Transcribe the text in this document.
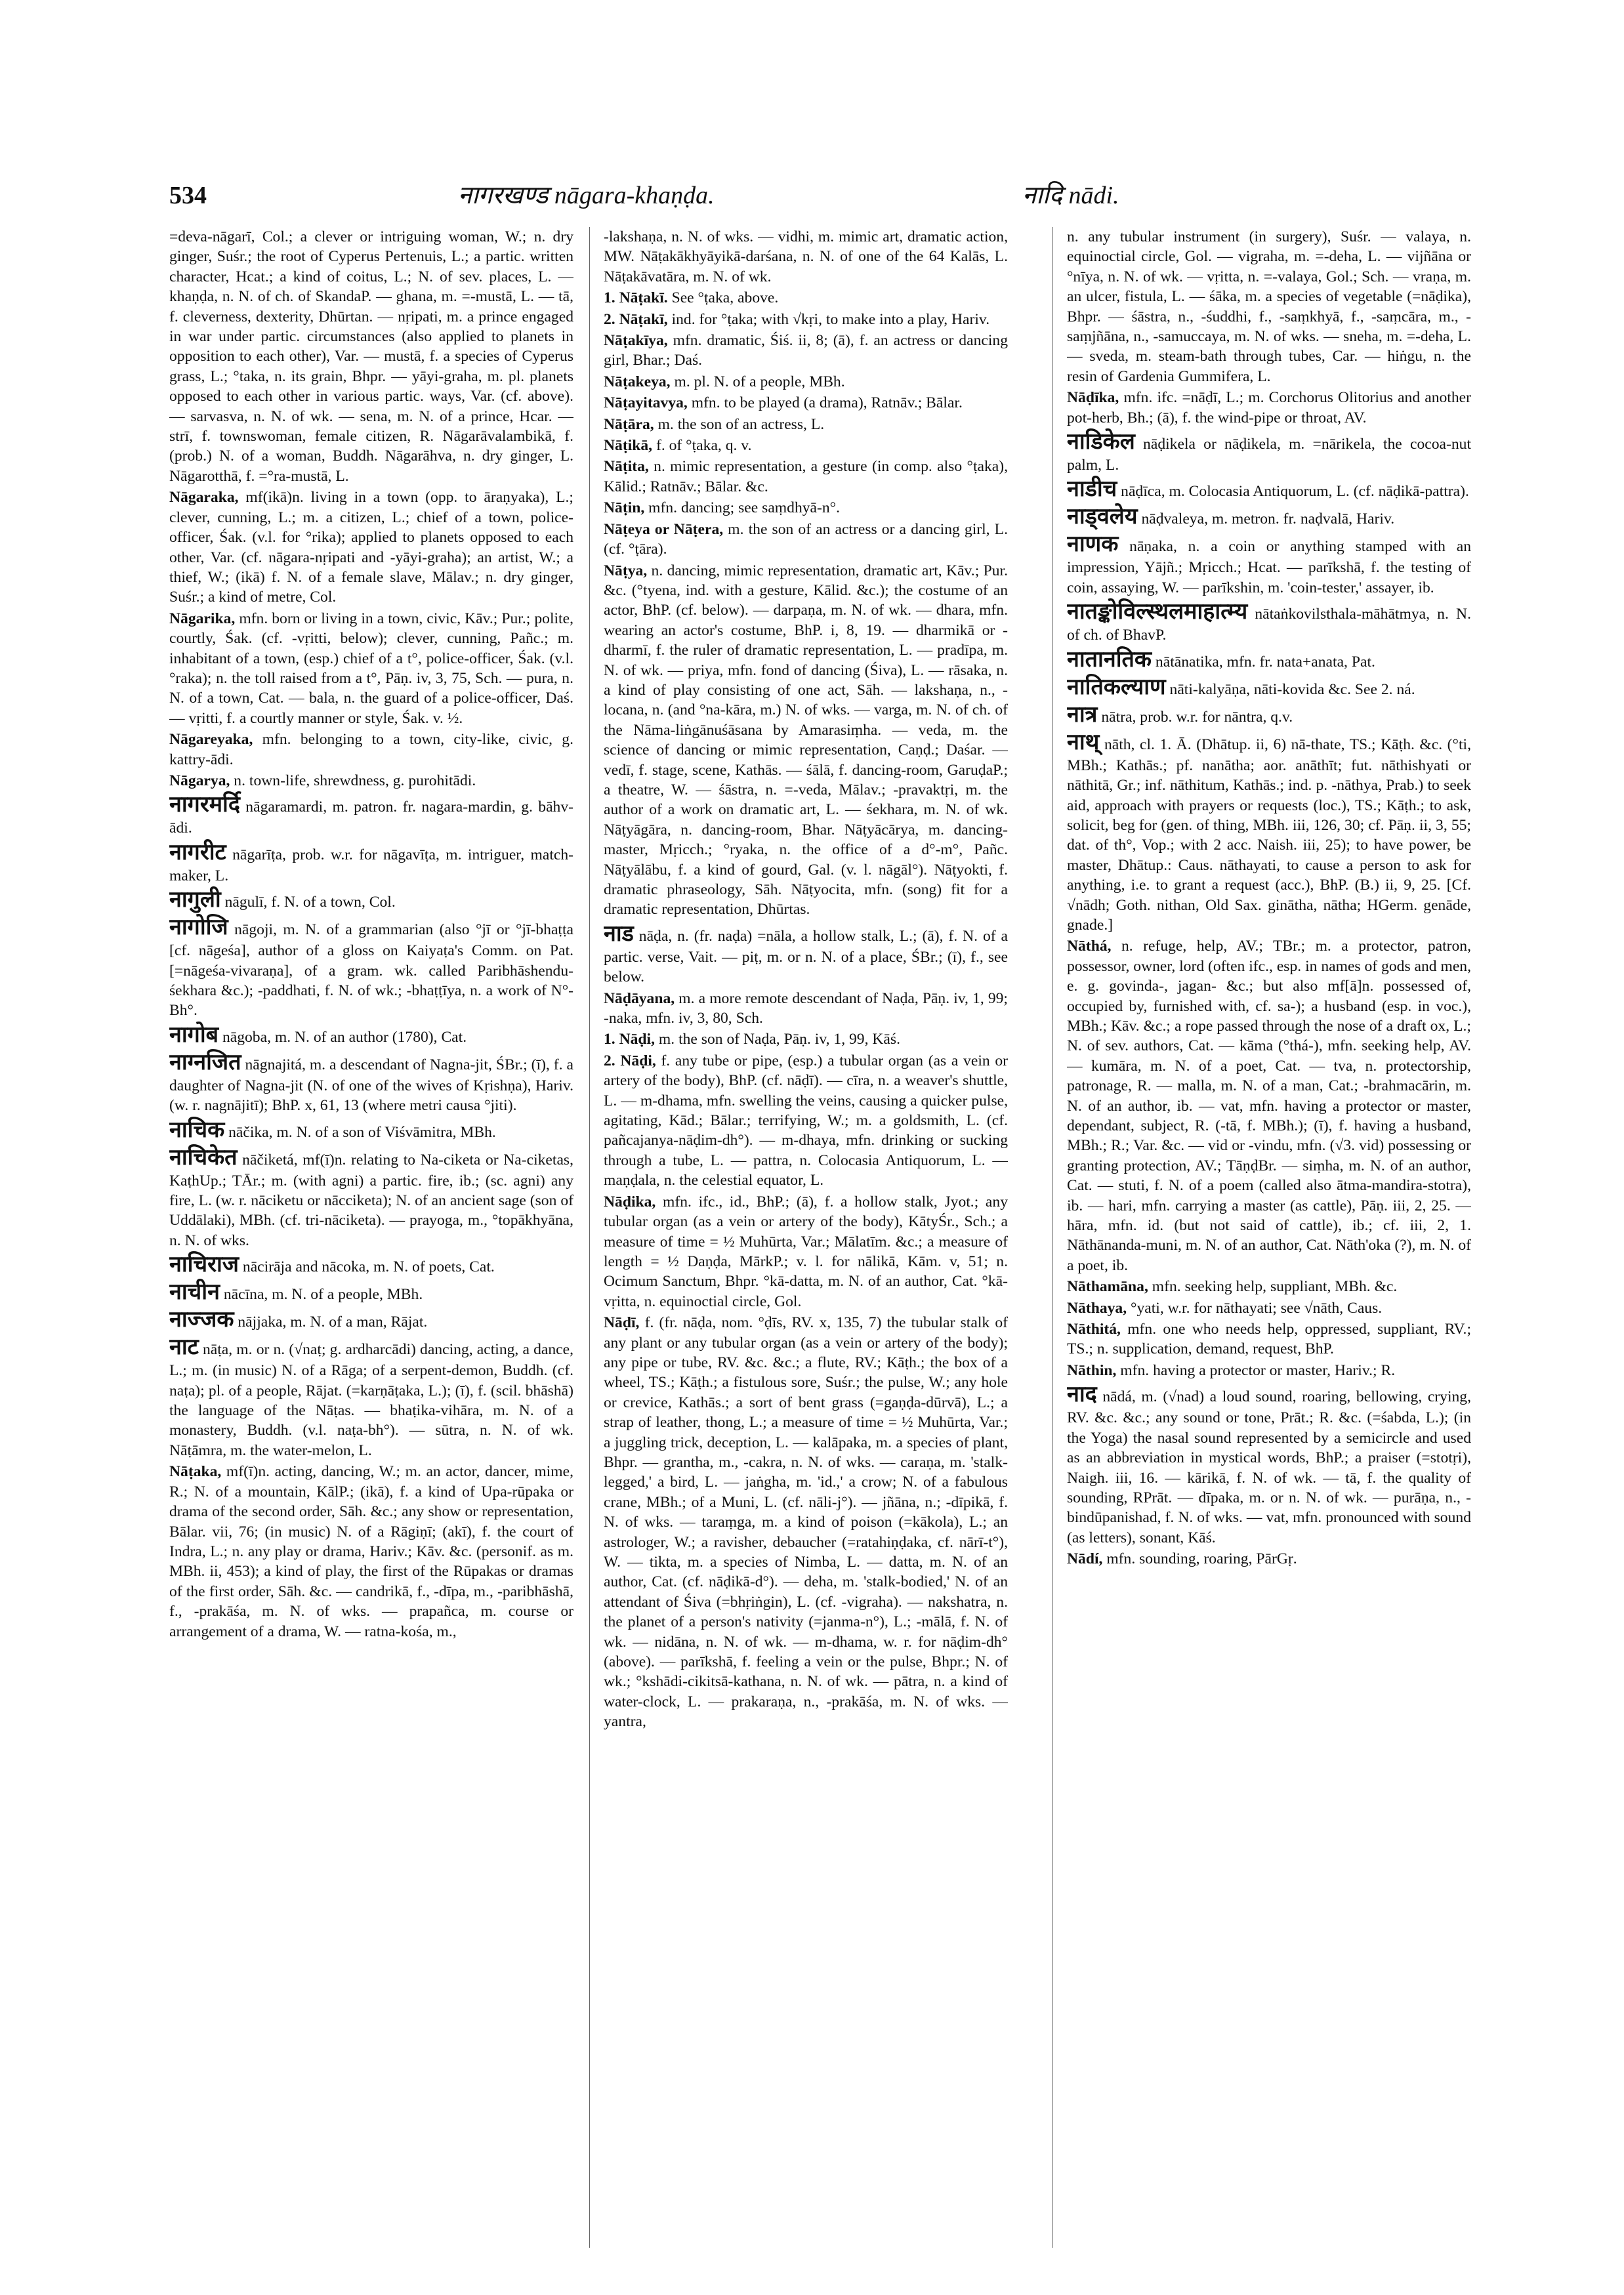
534	नागरखण्ड nāgara-khaṇḍa.	नादि nādi.

=deva-nāgarī, Col.; a clever or intriguing woman, W.; n. dry ginger, Suśr.; the root of Cyperus Pertenuis, L.; a partic. written character, Hcat.; a kind of coitus, L.; N. of sev. places, L. — khaṇḍa, n. N. of ch. of SkandaP. — ghana, m. =-mustā, L. — tā, f. cleverness, dexterity, Dhūrtan. — nṛipati, m. a prince engaged in war under partic. circumstances (also applied to planets in opposition to each other), Var. — mustā, f. a species of Cyperus grass, L.; °taka, n. its grain, Bhpr. — yāyi-graha, m. pl. planets opposed to each other in various partic. ways, Var. (cf. above). — sarvasva, n. N. of wk. — sena, m. N. of a prince, Hcar. — strī, f. townswoman, female citizen, R. Nāgarāvalambikā, f. (prob.) N. of a woman, Buddh. Nāgarāhva, n. dry ginger, L. Nāgarotthā, f. =°ra-mustā, L.

Nāgaraka, mf(ikā)n. living in a town (opp. to āraṇyaka), L.; clever, cunning, L.; m. a citizen, L.; chief of a town, police-officer, Śak. (v.l. for °rika); applied to planets opposed to each other, Var. (cf. nāgara-nṛipati and -yāyi-graha); an artist, W.; a thief, W.; (ikā) f. N. of a female slave, Mālav.; n. dry ginger, Suśr.; a kind of metre, Col.

Nāgarika, mfn. born or living in a town, civic, Kāv.; Pur.; polite, courtly, Śak. (cf. -vṛitti, below); clever, cunning, Pañc.; m. inhabitant of a town, (esp.) chief of a t°, police-officer, Śak. (v.l. °raka); n. the toll raised from a t°, Pāṇ. iv, 3, 75, Sch. — pura, n. N. of a town, Cat. — bala, n. the guard of a police-officer, Daś. — vṛitti, f. a courtly manner or style, Śak. v. ½.

Nāgareyaka, mfn. belonging to a town, city-like, civic, g. kattry-ādi.

Nāgarya, n. town-life, shrewdness, g. purohitādi.

नागरमर्दि nāgaramardi, m. patron. fr. nagara-mardin, g. bāhv-ādi.

नागरीट nāgarīṭa, prob. w.r. for nāgavīṭa, m. intriguer, match-maker, L.

नागुली nāgulī, f. N. of a town, Col.

नागोजि nāgoji, m. N. of a grammarian (also °jī or °jī-bhaṭṭa [cf. nāgeśa], author of a gloss on Kaiyaṭa's Comm. on Pat. [=nāgeśa-vivaraṇa], of a gram. wk. called Paribhāshendu-śekhara &c.); -paddhati, f. N. of wk.; -bhaṭṭīya, n. a work of N°-Bh°.

नागोब nāgoba, m. N. of an author (1780), Cat.

नाग्नजित nāgnajitá, m. a descendant of Nagna-jit, ŚBr.; (ī), f. a daughter of Nagna-jit (N. of one of the wives of Kṛishṇa), Hariv. (w. r. nagnājitī); BhP. x, 61, 13 (where metri causa °jiti).

नाचिक nāčika, m. N. of a son of Viśvāmitra, MBh.

नाचिकेत nāčiketá, mf(ī)n. relating to Na-ciketa or Na-ciketas, KaṭhUp.; TĀr.; m. (with agni) a partic. fire, ib.; (sc. agni) any fire, L. (w. r. nāciketu or nācciketa); N. of an ancient sage (son of Uddālaki), MBh. (cf. tri-nāciketa). — prayoga, m., °topākhyāna, n. N. of wks.

नाचिराज nācirāja and nācoka, m. N. of poets, Cat.

नाचीन nācīna, m. N. of a people, MBh.

नाज्जक nājjaka, m. N. of a man, Rājat.

नाट nāṭa, m. or n. (√naṭ; g. ardharcādi) dancing, acting, a dance, L.; m. (in music) N. of a Rāga; of a serpent-demon, Buddh. (cf. naṭa); pl. of a people, Rājat. (=karṇāṭaka, L.); (ī), f. (scil. bhāshā) the language of the Nāṭas. — bhaṭika-vihāra, m. N. of a monastery, Buddh. (v.l. naṭa-bh°). — sūtra, n. N. of wk. Nāṭāmra, m. the water-melon, L.

Nāṭaka, mf(ī)n. acting, dancing, W.; m. an actor, dancer, mime, R.; N. of a mountain, KālP.; (ikā), f. a kind of Upa-rūpaka or drama of the second order, Sāh. &c.; any show or representation, Bālar. vii, 76; (in music) N. of a Rāgiṇī; (akī), f. the court of Indra, L.; n. any play or drama, Hariv.; Kāv. &c. (personif. as m. MBh. ii, 453); a kind of play, the first of the Rūpakas or dramas of the first order, Sāh. &c. — candrikā, f., -dīpa, m., -paribhāshā, f., -prakāśa, m. N. of wks. — prapañca, m. course or arrangement of a drama, W. — ratna-kośa, m.,

-lakshaṇa, n. N. of wks. — vidhi, m. mimic art, dramatic action, MW. Nāṭakākhyāyikā-darśana, n. N. of one of the 64 Kalās, L. Nāṭakāvatāra, m. N. of wk.

1. Nāṭakī. See °ṭaka, above.

2. Nāṭakī, ind. for °ṭaka; with √kṛi, to make into a play, Hariv.

Nāṭakīya, mfn. dramatic, Śiś. ii, 8; (ā), f. an actress or dancing girl, Bhar.; Daś.

Nāṭakeya, m. pl. N. of a people, MBh.

Nāṭayitavya, mfn. to be played (a drama), Ratnāv.; Bālar.

Nāṭāra, m. the son of an actress, L.

Nāṭikā, f. of °ṭaka, q. v.

Nāṭita, n. mimic representation, a gesture (in comp. also °ṭaka), Kālid.; Ratnāv.; Bālar. &c.

Nāṭin, mfn. dancing; see saṃdhyā-n°.

Nāṭeya or Nāṭera, m. the son of an actress or a dancing girl, L. (cf. °ṭāra).

Nāṭya, n. dancing, mimic representation, dramatic art, Kāv.; Pur. &c. (°tyena, ind. with a gesture, Kālid. &c.); the costume of an actor, BhP. (cf. below). — darpaṇa, m. N. of wk. — dhara, mfn. wearing an actor's costume, BhP. i, 8, 19. — dharmikā or -dharmī, f. the ruler of dramatic representation, L. — pradīpa, m. N. of wk. — priya, mfn. fond of dancing (Śiva), L. — rāsaka, n. a kind of play consisting of one act, Sāh. — lakshaṇa, n., -locana, n. (and °na-kāra, m.) N. of wks. — varga, m. N. of ch. of the Nāma-liṅgānuśāsana by Amarasiṃha. — veda, m. the science of dancing or mimic representation, Caṇḍ.; Daśar. — vedī, f. stage, scene, Kathās. — śālā, f. dancing-room, GaruḍaP.; a theatre, W. — śāstra, n. =-veda, Mālav.; -pravaktṛi, m. the author of a work on dramatic art, L. — śekhara, m. N. of wk. Nāṭyāgāra, n. dancing-room, Bhar. Nāṭyācārya, m. dancing-master, Mṛicch.; °ryaka, n. the office of a d°-m°, Pañc. Nāṭyālābu, f. a kind of gourd, Gal. (v. l. nāgāl°). Nāṭyokti, f. dramatic phraseology, Sāh. Nāṭyocita, mfn. (song) fit for a dramatic representation, Dhūrtas.

नाड nāḍa, n. (fr. naḍa) =nāla, a hollow stalk, L.; (ā), f. N. of a partic. verse, Vait. — piṭ, m. or n. N. of a place, ŚBr.; (ī), f., see below.

Nāḍāyana, m. a more remote descendant of Naḍa, Pāṇ. iv, 1, 99; -naka, mfn. iv, 3, 80, Sch.

1. Nāḍi, m. the son of Naḍa, Pāṇ. iv, 1, 99, Kāś.

2. Nāḍi, f. any tube or pipe, (esp.) a tubular organ (as a vein or artery of the body), BhP. (cf. nāḍī). — cīra, n. a weaver's shuttle, L. — m-dhama, mfn. swelling the veins, causing a quicker pulse, agitating, Kād.; Bālar.; terrifying, W.; m. a goldsmith, L. (cf. pañcajanya-nāḍim-dh°). — m-dhaya, mfn. drinking or sucking through a tube, L. — pattra, n. Colocasia Antiquorum, L. — maṇḍala, n. the celestial equator, L.

Nāḍika, mfn. ifc., id., BhP.; (ā), f. a hollow stalk, Jyot.; any tubular organ (as a vein or artery of the body), KātyŚr., Sch.; a measure of time = ½ Muhūrta, Var.; Mālatīm. &c.; a measure of length = ½ Daṇḍa, MārkP.; v. l. for nālikā, Kām. v, 51; n. Ocimum Sanctum, Bhpr. °kā-datta, m. N. of an author, Cat. °kā-vṛitta, n. equinoctial circle, Gol.

Nāḍī, f. (fr. nāḍa, nom. °ḍīs, RV. x, 135, 7) the tubular stalk of any plant or any tubular organ (as a vein or artery of the body); any pipe or tube, RV. &c. &c.; a flute, RV.; Kāṭh.; the box of a wheel, TS.; Kāṭh.; a fistulous sore, Suśr.; the pulse, W.; any hole or crevice, Kathās.; a sort of bent grass (=gaṇḍa-dūrvā), L.; a strap of leather, thong, L.; a measure of time = ½ Muhūrta, Var.; a juggling trick, deception, L. — kalāpaka, m. a species of plant, Bhpr. — grantha, m., -cakra, n. N. of wks. — caraṇa, m. 'stalk-legged,' a bird, L. — jaṅgha, m. 'id.,' a crow; N. of a fabulous crane, MBh.; of a Muni, L. (cf. nāli-j°). — jñāna, n.; -dīpikā, f. N. of wks. — taraṃga, m. a kind of poison (=kākola), L.; an astrologer, W.; a ravisher, debaucher (=ratahiṇḍaka, cf. nārī-t°), W. — tikta, m. a species of Nimba, L. — datta, m. N. of an author, Cat. (cf. nāḍikā-d°). — deha, m. 'stalk-bodied,' N. of an attendant of Śiva (=bhṛiṅgin), L. (cf. -vigraha). — nakshatra, n. the planet of a person's nativity (=janma-n°), L.; -mālā, f. N. of wk. — nidāna, n. N. of wk. — m-dhama, w. r. for nāḍim-dh° (above). — parīkshā, f. feeling a vein or the pulse, Bhpr.; N. of wk.; °kshādi-cikitsā-kathana, n. N. of wk. — pātra, n. a kind of water-clock, L. — prakaraṇa, n., -prakāśa, m. N. of wks. — yantra,

n. any tubular instrument (in surgery), Suśr. — valaya, n. equinoctial circle, Gol. — vigraha, m. =-deha, L. — vijñāna or °nīya, n. N. of wk. — vṛitta, n. =-valaya, Gol.; Sch. — vraṇa, m. an ulcer, fistula, L. — śāka, m. a species of vegetable (=nāḍika), Bhpr. — śāstra, n., -śuddhi, f., -saṃkhyā, f., -saṃcāra, m., -saṃjñāna, n., -samuccaya, m. N. of wks. — sneha, m. =-deha, L. — sveda, m. steam-bath through tubes, Car. — hiṅgu, n. the resin of Gardenia Gummifera, L.

Nāḍīka, mfn. ifc. =nāḍī, L.; m. Corchorus Olitorius and another pot-herb, Bh.; (ā), f. the wind-pipe or throat, AV.

नाडिकेल nāḍikela or nāḍikela, m. =nārikela, the cocoa-nut palm, L.

नाडीच nāḍīca, m. Colocasia Antiquorum, L. (cf. nāḍikā-pattra).

नाड्वलेय nāḍvaleya, m. metron. fr. naḍvalā, Hariv.

नाणक nāṇaka, n. a coin or anything stamped with an impression, Yājñ.; Mṛicch.; Hcat. — parīkshā, f. the testing of coin, assaying, W. — parīkshin, m. 'coin-tester,' assayer, ib.

नातङ्कोविल्स्थलमाहात्म्य nātaṅkovilsthala-māhātmya, n. N. of ch. of BhavP.

नातानतिक nātānatika, mfn. fr. nata+anata, Pat.

नातिकल्याण nāti-kalyāṇa, nāti-kovida &c. See 2. ná.

नात्र nātra, prob. w.r. for nāntra, q.v.

नाथ् nāth, cl. 1. Ā. (Dhātup. ii, 6) nā-thate, TS.; Kāṭh. &c. (°ti, MBh.; Kathās.; pf. nanātha; aor. anāthīt; fut. nāthishyati or nāthitā, Gr.; inf. nāthitum, Kathās.; ind. p. -nāthya, Prab.) to seek aid, approach with prayers or requests (loc.), TS.; Kāṭh.; to ask, solicit, beg for (gen. of thing, MBh. iii, 126, 30; cf. Pāṇ. ii, 3, 55; dat. of th°, Vop.; with 2 acc. Naish. iii, 25); to have power, be master, Dhātup.: Caus. nāthayati, to cause a person to ask for anything, i.e. to grant a request (acc.), BhP. (B.) ii, 9, 25. [Cf. √nādh; Goth. nithan, Old Sax. ginātha, nātha; HGerm. genāde, gnade.]

Nāthá, n. refuge, help, AV.; TBr.; m. a protector, patron, possessor, owner, lord (often ifc., esp. in names of gods and men, e. g. govinda-, jagan- &c.; but also mf[ā]n. possessed of, occupied by, furnished with, cf. sa-); a husband (esp. in voc.), MBh.; Kāv. &c.; a rope passed through the nose of a draft ox, L.; N. of sev. authors, Cat. — kāma (°thá-), mfn. seeking help, AV. — kumāra, m. N. of a poet, Cat. — tva, n. protectorship, patronage, R. — malla, m. N. of a man, Cat.; -brahmacārin, m. N. of an author, ib. — vat, mfn. having a protector or master, dependant, subject, R. (-tā, f. MBh.); (ī), f. having a husband, MBh.; R.; Var. &c. — vid or -vindu, mfn. (√3. vid) possessing or granting protection, AV.; TāṇḍBr. — siṃha, m. N. of an author, Cat. — stuti, f. N. of a poem (called also ātma-mandira-stotra), ib. — hari, mfn. carrying a master (as cattle), Pāṇ. iii, 2, 25. — hāra, mfn. id. (but not said of cattle), ib.; cf. iii, 2, 1. Nāthānanda-muni, m. N. of an author, Cat. Nāth'oka (?), m. N. of a poet, ib.

Nāthamāna, mfn. seeking help, suppliant, MBh. &c.

Nāthaya, °yati, w.r. for nāthayati; see √nāth, Caus.

Nāthitá, mfn. one who needs help, oppressed, suppliant, RV.; TS.; n. supplication, demand, request, BhP.

Nāthin, mfn. having a protector or master, Hariv.; R.

नाद nādá, m. (√nad) a loud sound, roaring, bellowing, crying, RV. &c. &c.; any sound or tone, Prāt.; R. &c. (=śabda, L.); (in the Yoga) the nasal sound represented by a semicircle and used as an abbreviation in mystical words, BhP.; a praiser (=stotṛi), Naigh. iii, 16. — kārikā, f. N. of wk. — tā, f. the quality of sounding, RPrāt. — dīpaka, m. or n. N. of wk. — purāṇa, n., -bindūpanishad, f. N. of wks. — vat, mfn. pronounced with sound (as letters), sonant, Kāś.

Nādí, mfn. sounding, roaring, PārGṛ.
